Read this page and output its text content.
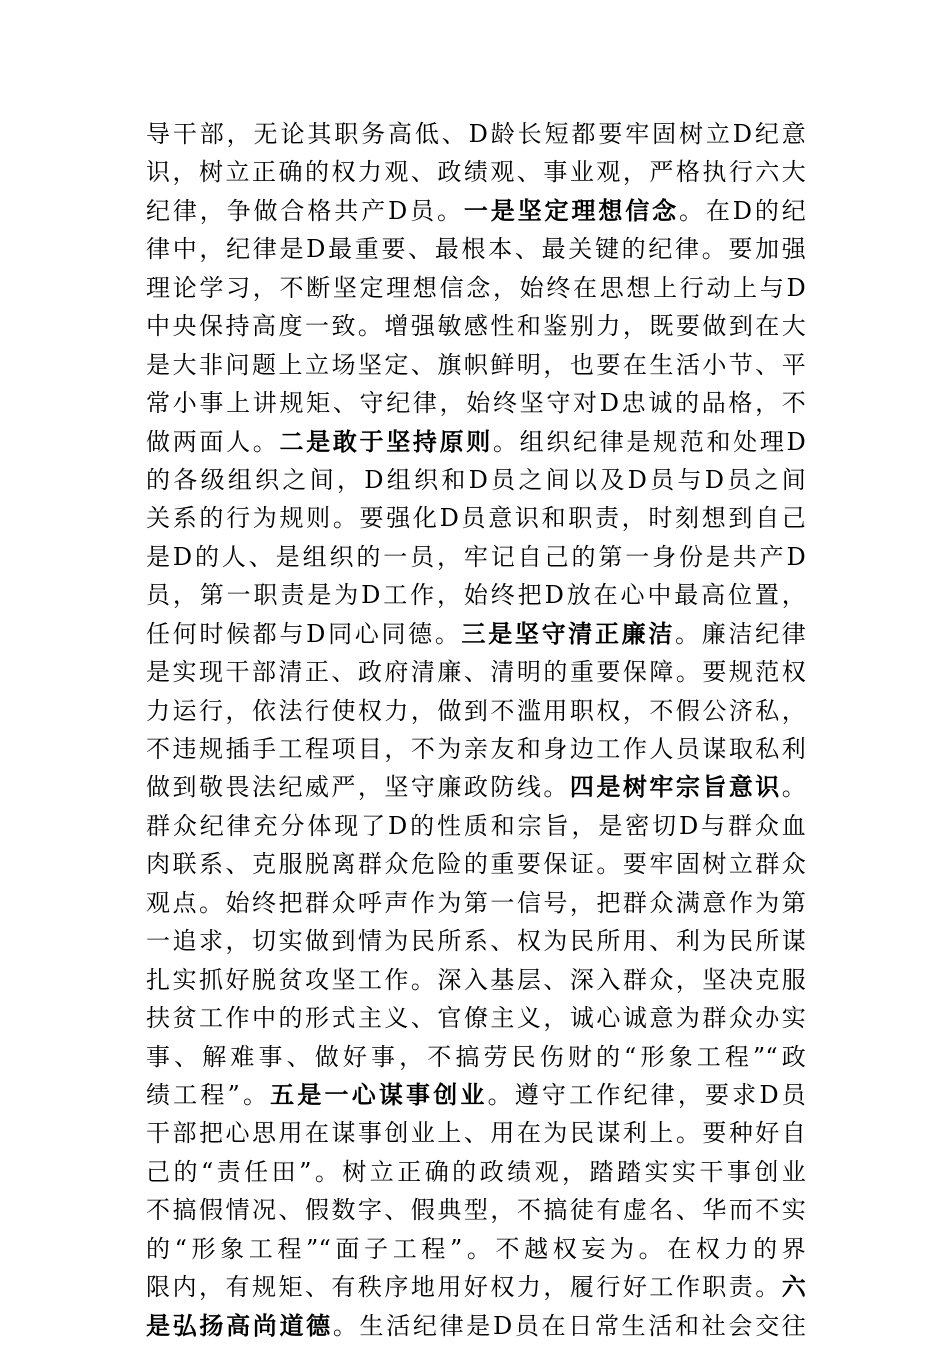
导干部，无论其职务高低、D龄长短都要牢固树立D纪意
识，树立正确的权力观、政绩观、事业观，严格执行六大
纪律，争做合格共产D员。一是坚定理想信念。在D的纪
律中，纪律是D最重要、最根本、最关键的纪律。要加强
理论学习，不断坚定理想信念，始终在思想上行动上与D
中央保持高度一致。增强敏感性和鉴别力，既要做到在大
是大非问题上立场坚定、旗帜鲜明，也要在生活小节、平
常小事上讲规矩、守纪律，始终坚守对D忠诚的品格，不
做两面人。二是敢于坚持原则。组织纪律是规范和处理D
的各级组织之间，D组织和D员之间以及D员与D员之间
关系的行为规则。要强化D员意识和职责，时刻想到自己
是D的人、是组织的一员，牢记自己的第一身份是共产D
员，第一职责是为D工作，始终把D放在心中最高位置，
任何时候都与D同心同德。三是坚守清正廉洁。廉洁纪律
是实现干部清正、政府清廉、清明的重要保障。要规范权
力运行，依法行使权力，做到不滥用职权，不假公济私，
不违规插手工程项目，不为亲友和身边工作人员谋取私利
做到敬畏法纪威严，坚守廉政防线。四是树牢宗旨意识。
群众纪律充分体现了D的性质和宗旨，是密切D与群众血
肉联系、克服脱离群众危险的重要保证。要牢固树立群众
观点。始终把群众呼声作为第一信号，把群众满意作为第
一追求，切实做到情为民所系、权为民所用、利为民所谋
扎实抓好脱贫攻坚工作。深入基层、深入群众，坚决克服
扶贫工作中的形式主义、官僚主义，诚心诚意为群众办实
事、解难事、做好事，不搞劳民伤财的“形象工程”“政
绩工程”。五是一心谋事创业。遵守工作纪律，要求D员
干部把心思用在谋事创业上、用在为民谋利上。要种好自
己的“责任田”。树立正确的政绩观，踏踏实实干事创业
不搞假情况、假数字、假典型，不搞徒有虚名、华而不实
的“形象工程”“面子工程”。不越权妄为。在权力的界
限内，有规矩、有秩序地用好权力，履行好工作职责。六
是弘扬高尚道德。生活纪律是D员在日常生活和社会交往
